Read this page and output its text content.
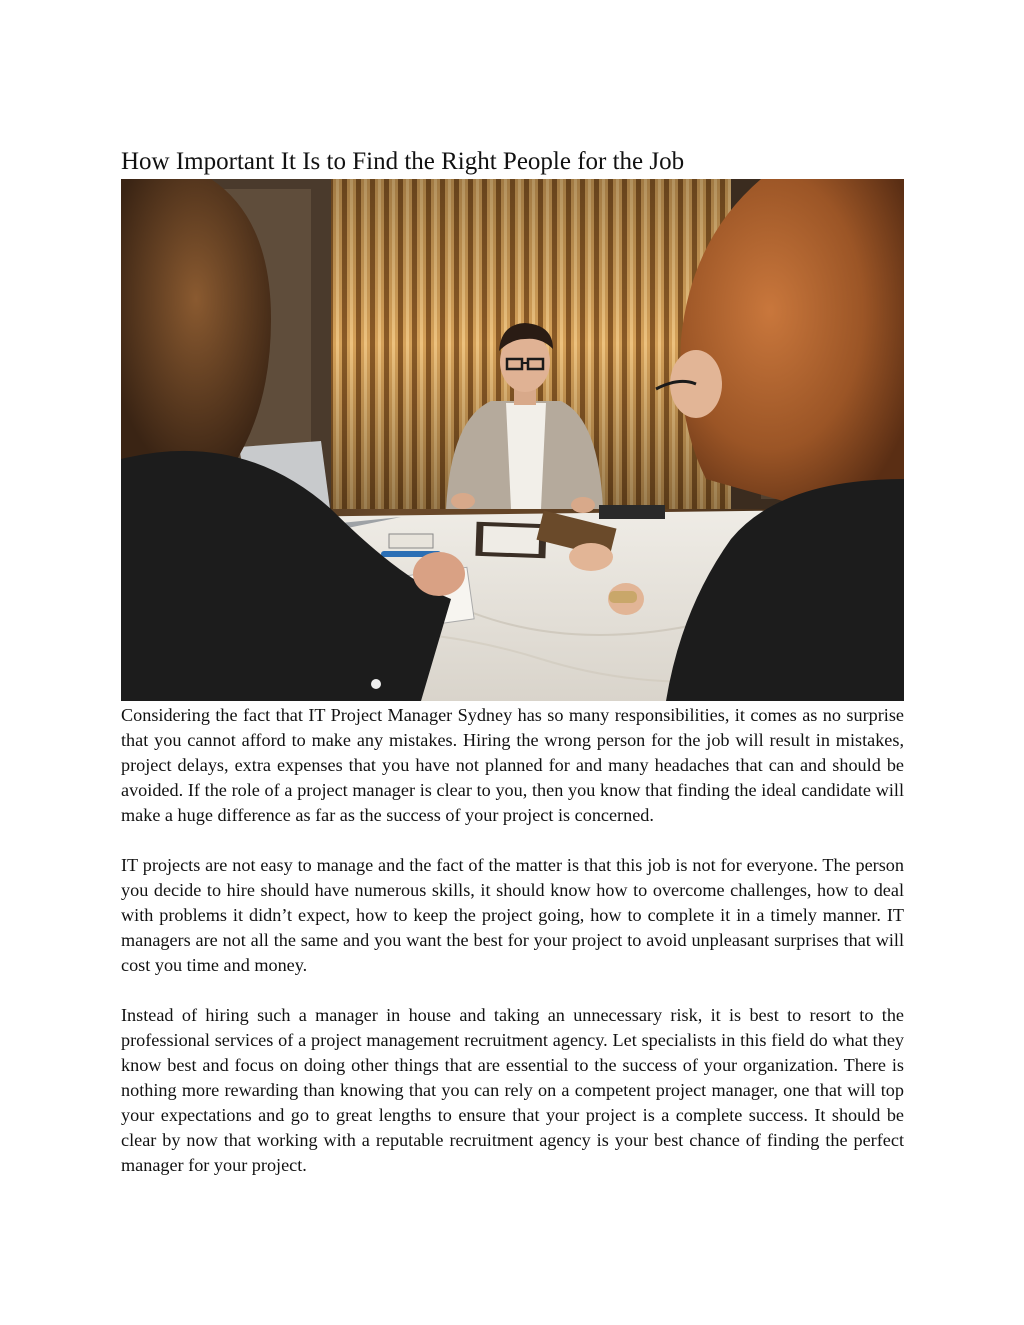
How Important It Is to Find the Right People for the Job

Considering the fact that IT Project Manager Sydney has so many responsibilities, it comes as no surprise that you cannot afford to make any mistakes. Hiring the wrong person for the job will result in mistakes, project delays, extra expenses that you have not planned for and many headaches that can and should be avoided. If the role of a project manager is clear to you, then you know that finding the ideal candidate will make a huge difference as far as the success of your project is concerned.

IT projects are not easy to manage and the fact of the matter is that this job is not for everyone. The person you decide to hire should have numerous skills, it should know how to overcome challenges, how to deal with problems it didn’t expect, how to keep the project going, how to complete it in a timely manner. IT managers are not all the same and you want the best for your project to avoid unpleasant surprises that will cost you time and money.

Instead of hiring such a manager in house and taking an unnecessary risk, it is best to resort to the professional services of a project management recruitment agency. Let specialists in this field do what they know best and focus on doing other things that are essential to the success of your organization. There is nothing more rewarding than knowing that you can rely on a competent project manager, one that will top your expectations and go to great lengths to ensure that your project is a complete success. It should be clear by now that working with a reputable recruitment agency is your best chance of finding the perfect manager for your project.
